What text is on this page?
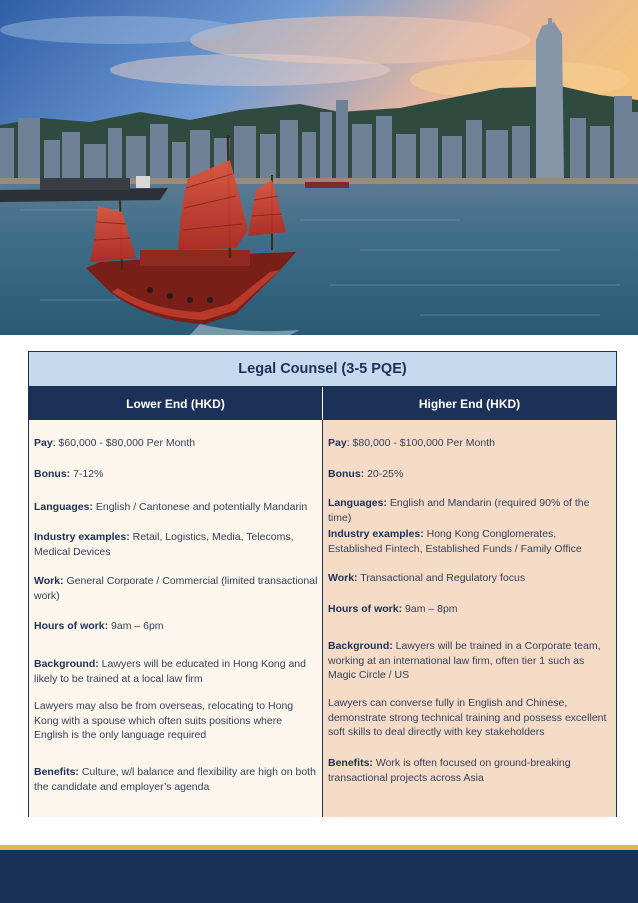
Legal Counsel (3-5 PQE)
Lower End (HKD)	Higher End (HKD)
Pay: $60,000 - $80,000 Per Month
Bonus: 7-12%
Languages: English / Cantonese and potentially Mandarin
Industry examples: Retail, Logistics, Media, Telecoms, Medical Devices
Work: General Corporate / Commercial (limited transactional work)
Hours of work: 9am – 6pm
Background: Lawyers will be educated in Hong Kong and likely to be trained at a local law firm
Lawyers may also be from overseas, relocating to Hong Kong with a spouse which often suits positions where English is the only language required
Benefits: Culture, w/l balance and flexibility are high on both the candidate and employer’s agenda
Pay: $80,000 - $100,000 Per Month
Bonus: 20-25%
Languages: English and Mandarin (required 90% of the time)
Industry examples: Hong Kong Conglomerates, Established Fintech, Established Funds / Family Office
Work: Transactional and Regulatory focus
Hours of work: 9am – 8pm
Background: Lawyers will be trained in a Corporate team, working at an international law firm, often tier 1 such as Magic Circle / US
Lawyers can converse fully in English and Chinese, demonstrate strong technical training and possess excellent soft skills to deal directly with key stakeholders
Benefits: Work is often focused on ground-breaking transactional projects across Asia
